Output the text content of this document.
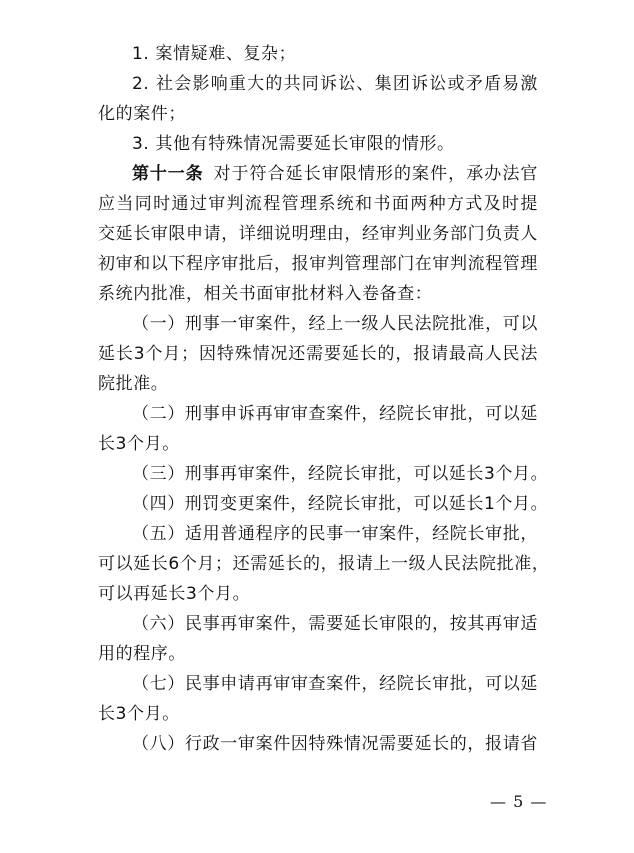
1. 案情疑难、复杂；
2. 社会影响重大的共同诉讼、集团诉讼或矛盾易激
化的案件；
3. 其他有特殊情况需要延长审限的情形。
第十一条 对于符合延长审限情形的案件，承办法官
应当同时通过审判流程管理系统和书面两种方式及时提
交延长审限申请，详细说明理由，经审判业务部门负责人
初审和以下程序审批后，报审判管理部门在审判流程管理
系统内批准，相关书面审批材料入卷备查：
（一）刑事一审案件，经上一级人民法院批准，可以
延长3个月；因特殊情况还需要延长的，报请最高人民法
院批准。
（二）刑事申诉再审审查案件，经院长审批，可以延
长3个月。
（三）刑事再审案件，经院长审批，可以延长3个月。
（四）刑罚变更案件，经院长审批，可以延长1个月。
（五）适用普通程序的民事一审案件，经院长审批，
可以延长6个月；还需延长的，报请上一级人民法院批准，
可以再延长3个月。
（六）民事再审案件，需要延长审限的，按其再审适
用的程序。
（七）民事申请再审审查案件，经院长审批，可以延
长3个月。
（八）行政一审案件因特殊情况需要延长的，报请省
— 5 —
